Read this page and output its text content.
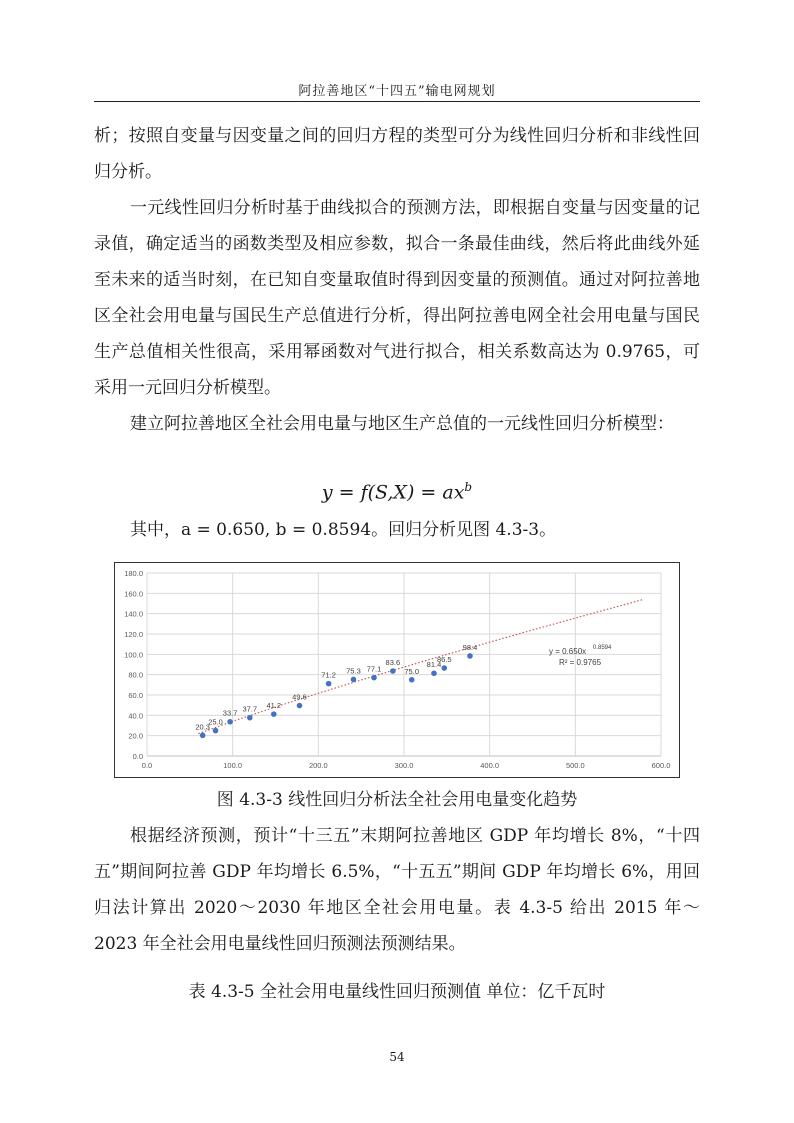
阿拉善地区“十四五”输电网规划

析；按照自变量与因变量之间的回归方程的类型可分为线性回归分析和非线性回归分析。

一元线性回归分析时基于曲线拟合的预测方法，即根据自变量与因变量的记录值，确定适当的函数类型及相应参数，拟合一条最佳曲线，然后将此曲线外延至未来的适当时刻，在已知自变量取值时得到因变量的预测值。通过对阿拉善地区全社会用电量与国民生产总值进行分析，得出阿拉善电网全社会用电量与国民生产总值相关性很高，采用幂函数对气进行拟合，相关系数高达为 0.9765，可采用一元回归分析模型。

建立阿拉善地区全社会用电量与地区生产总值的一元线性回归分析模型：

$y = f(S,X) = ax^b$
其中，a = 0.650, b = 0.8594。回归分析见图 4.3-3。
0.0
20.0
40.0
60.0
80.0
100.0
120.0
140.0
160.0
180.0
0.0	100.0	200.0	300.0	400.0	500.0	600.0
20.3
25.0
33.7 37.7 41.2
49.6
71.2 75.3 77.1
83.6
75.0
81.4
86.5
98.4	y = 0.650x 0.8594
R² = 0.9765
图 4.3-3 线性回归分析法全社会用电量变化趋势

根据经济预测，预计“十三五”末期阿拉善地区 GDP 年均增长 8%，“十四五”期间阿拉善 GDP 年均增长 6.5%，“十五五”期间 GDP 年均增长 6%，用回归法计算出 2020～2030 年地区全社会用电量。表 4.3-5 给出 2015 年～2023 年全社会用电量线性回归预测法预测结果。

表 4.3-5 全社会用电量线性回归预测值 单位：亿千瓦时
54
